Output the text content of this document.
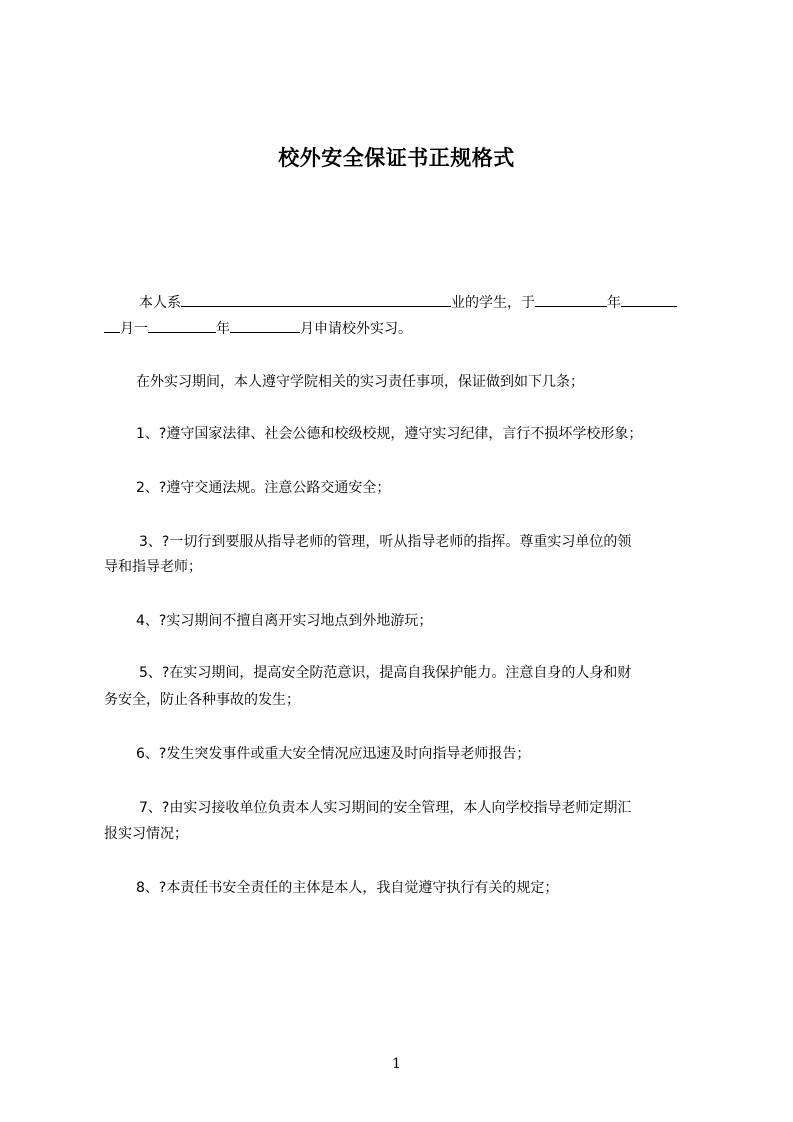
校外安全保证书正规格式
本人系	业的学生，于	年
月一	年	月申请校外实习。
在外实习期间，本人遵守学院相关的实习责任事项，保证做到如下几条；
1、?遵守国家法律、社会公德和校级校规，遵守实习纪律，言行不损坏学校形象；
2、?遵守交通法规。注意公路交通安全；
3、?一切行到要服从指导老师的管理，听从指导老师的指挥。尊重实习单位的领
导和指导老师；
4、?实习期间不擅自离开实习地点到外地游玩；
5、?在实习期间，提高安全防范意识，提高自我保护能力。注意自身的人身和财
务安全，防止各种事故的发生；
6、?发生突发事件或重大安全情况应迅速及时向指导老师报告；
7、?由实习接收单位负责本人实习期间的安全管理，本人向学校指导老师定期汇
报实习情况；
8、?本责任书安全责任的主体是本人，我自觉遵守执行有关的规定；
1
